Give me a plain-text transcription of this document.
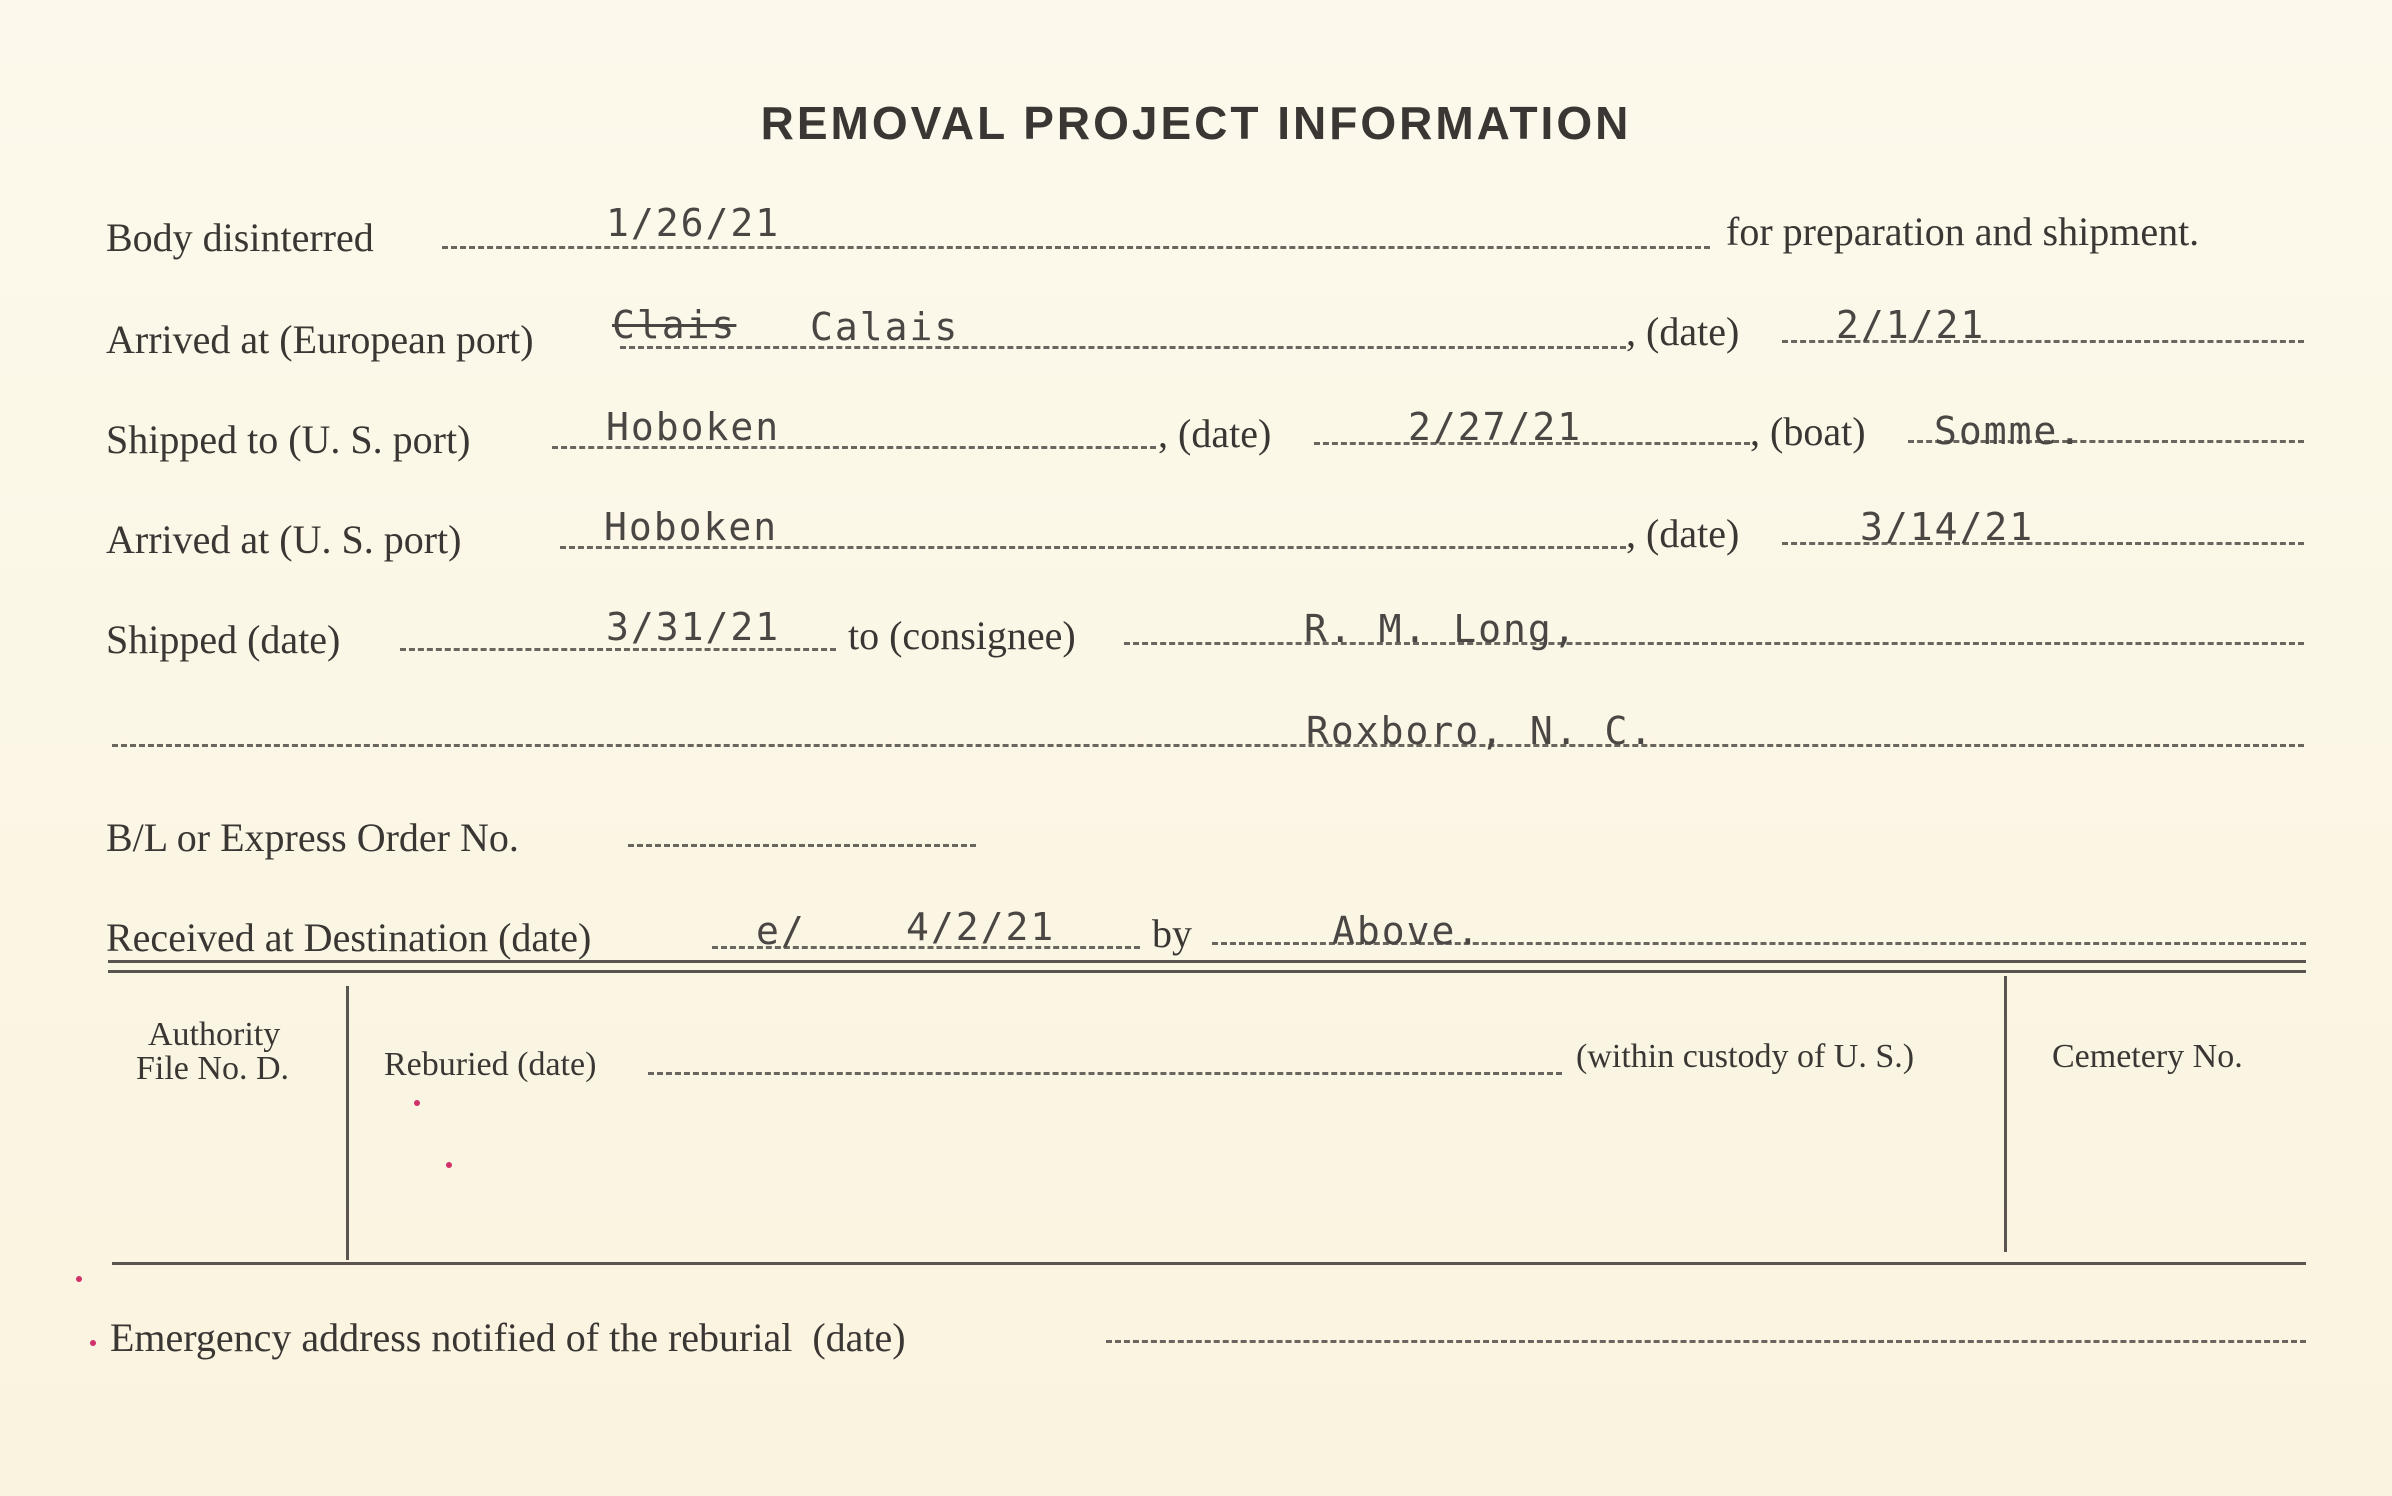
REMOVAL PROJECT INFORMATION
Body disinterred	1/26/21	for preparation and shipment.
Arrived at (European port) Clais Calais	, (date)	2/1/21
Shipped to (U. S. port)	Hoboken	, (date)	2/27/21	, (boat) Somme.
Arrived at (U. S. port)	Hoboken	, (date)	3/14/21
Shipped (date)	3/31/21 to (consignee)	R. M. Long,
Roxboro, N. C.
B/L or Express Order No.
Received at Destination (date)	e/	4/2/21 by	Above.
Authority
File No. D.	Reburied (date)	(within custody of U. S.)	Cemetery No.
Emergency address notified of the reburial  (date)
